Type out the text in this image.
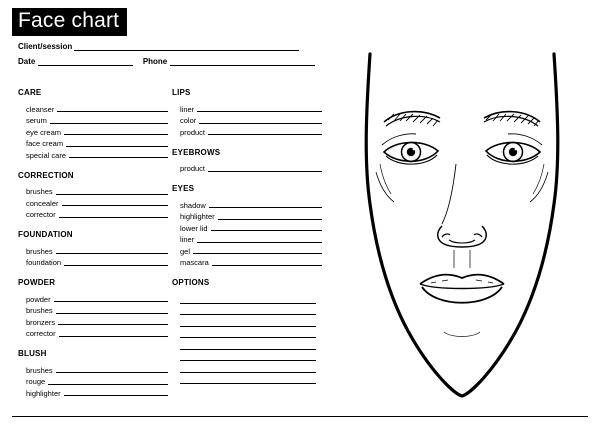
Face chart
Client/session
Date	Phone
CARE
cleanser
serum
eye cream
face cream
special care
CORRECTION
brushes
concealer
corrector
FOUNDATION
brushes
foundation
POWDER
powder
brushes
bronzers
corrector
BLUSH
brushes
rouge
highlighter
LIPS
liner
color
product
EYEBROWS
product
EYES
shadow
highlighter
lower lid
liner
gel
mascara
OPTIONS
